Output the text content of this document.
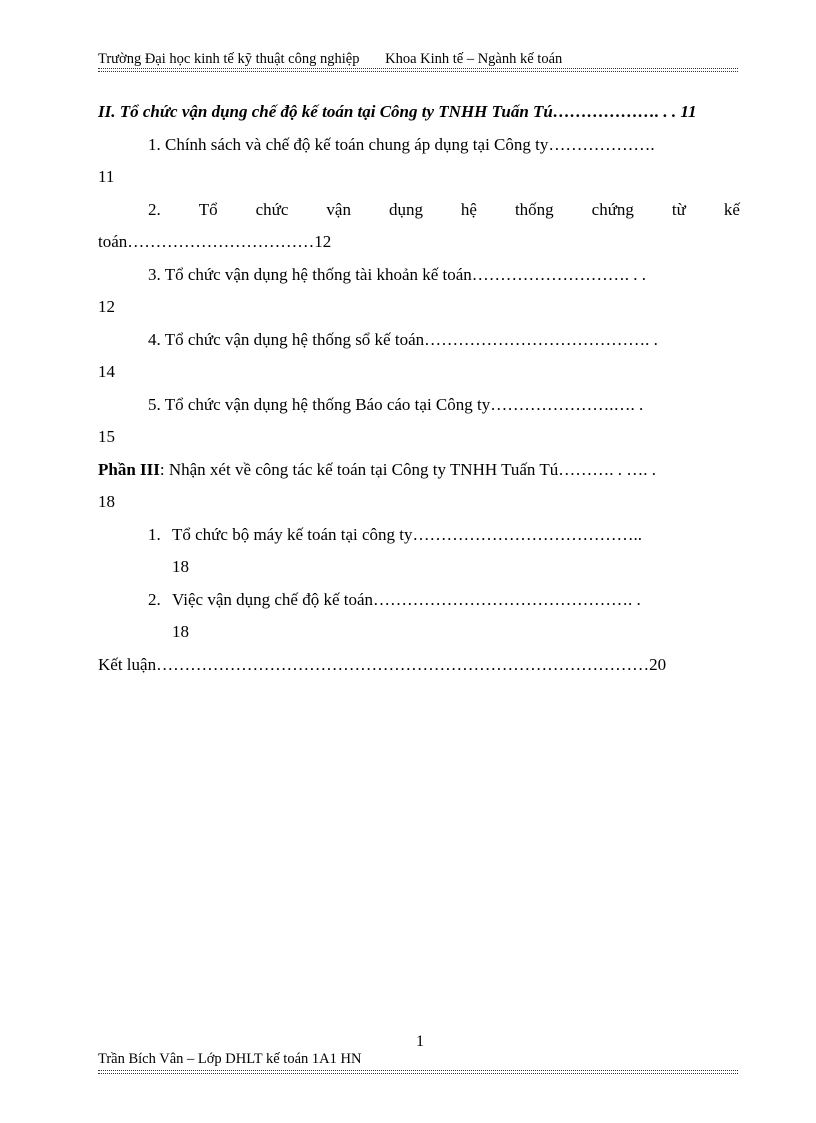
Trường Đại học kinh tế kỹ thuật công nghiệp Khoa Kinh tế – Ngành kế toán
II. Tổ chức vận dụng chế độ kế toán tại Công ty TNHH Tuấn Tú………………. . . 11
1. Chính sách và chế độ kế toán chung áp dụng tại Công ty……………….
11
2. Tổ chức vận dụng hệ thống chứng từ kế
toán……………………………12
3. Tổ chức vận dụng hệ thống tài khoản kế toán………………………. . .
12
4. Tổ chức vận dụng hệ thống sổ kế toán…………………………………. .
14
5. Tổ chức vận dụng hệ thống Báo cáo tại Công ty………………….…. .
15
Phần III: Nhận xét về công tác kế toán tại Công ty TNHH Tuấn Tú………. . …. .
18
1. Tổ chức bộ máy kế toán tại công ty…………………………………..
18
2. Việc vận dụng chế độ kế toán………………………………………. .
18
Kết luận……………………………………………………………………………20
1
Trần Bích Vân – Lớp DHLT kế toán 1A1 HN
